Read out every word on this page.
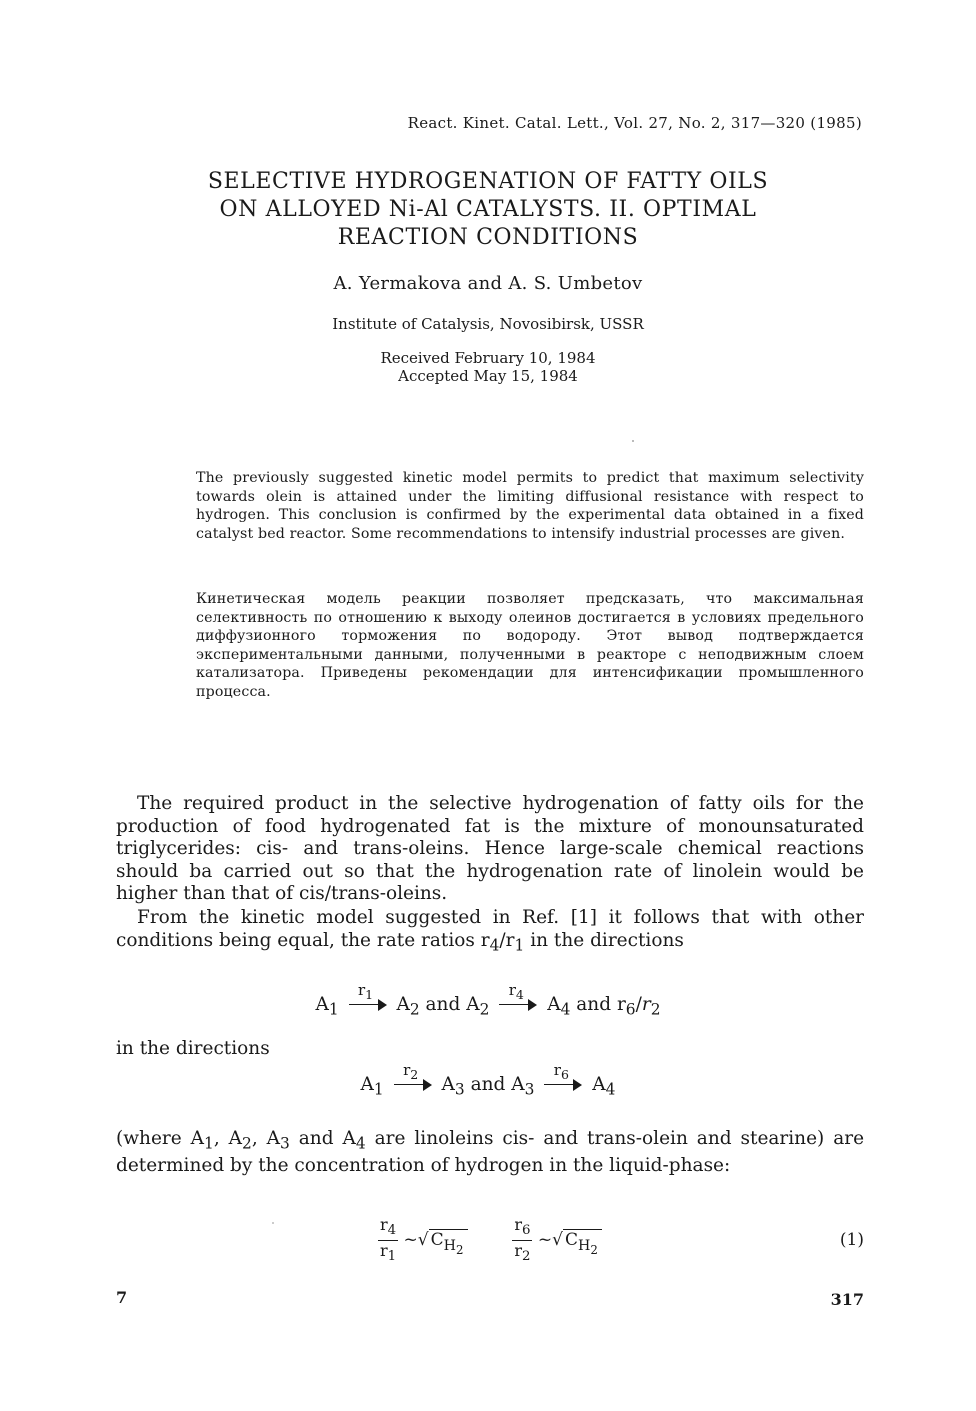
React. Kinet. Catal. Lett., Vol. 27, No. 2, 317—320 (1985)
SELECTIVE HYDROGENATION OF FATTY OILS
ON ALLOYED Ni-Al CATALYSTS. II. OPTIMAL
REACTION CONDITIONS
A. Yermakova and A. S. Umbetov
Institute of Catalysis, Novosibirsk, USSR
Received February 10, 1984
Accepted May 15, 1984
The previously suggested kinetic model permits to predict that maximum selectivity towards olein is attained under the limiting diffusional resistance with respect to hydrogen. This conclusion is confirmed by the experimental data obtained in a fixed catalyst bed reactor. Some recommendations to intensify industrial processes are given.
Кинетическая модель реакции позволяет предсказать, что максимальная селективность по отношению к выходу олеинов достигается в условиях предельного диффузионного торможения по водороду. Этот вывод подтверждается экспериментальными данными, полученными в реакторе с неподвижным слоем катализатора. Приведены рекомендации для интенсификации промышленного процесса.
The required product in the selective hydrogenation of fatty oils for the production of food hydrogenated fat is the mixture of monounsaturated triglycerides: cis- and trans-oleins. Hence large-scale chemical reactions should ba carried out so that the hydrogenation rate of linolein would be higher than that of cis/trans-oleins.
From the kinetic model suggested in Ref. [1] it follows that with other conditions being equal, the rate ratios $r_4/r_1$ in the directions
$A_1$
$r_1$	$A_2$ and $A_2$
$r_4$	$A_4$ and $r_6/r_2$
in the directions
$A_1$
$r_2$	$A_3$ and $A_3$
$r_6$	$A_4$
(where $A_1$, $A_2$, $A_3$ and $A_4$ are linoleins cis- and trans-olein and stearine) are determined by the concentration of hydrogen in the liquid-phase:
$\frac{r_4}{r_1}$ ~√ $C_{H_2}$	$\frac{r_6}{r_2}$ ~√ $C_{H_2}$	(1)
7	317
